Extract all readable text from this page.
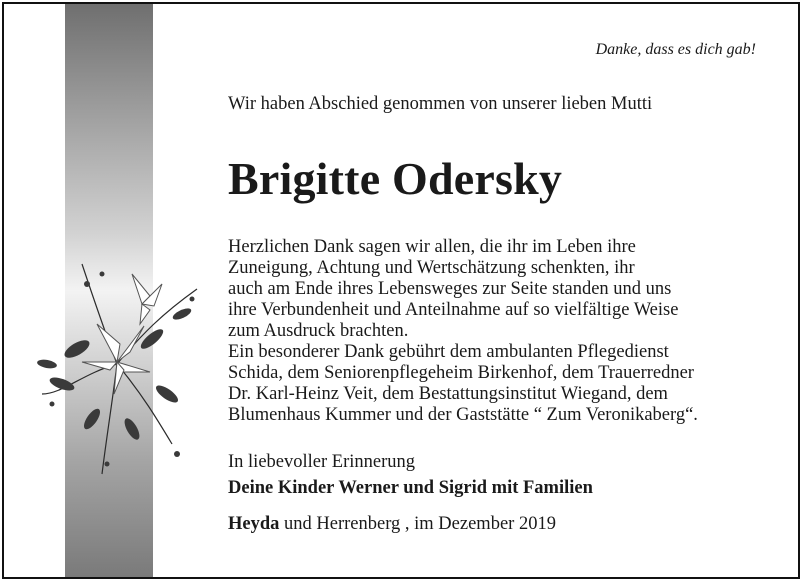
Danke, dass es dich gab!
Wir haben Abschied genommen von unserer lieben Mutti
Brigitte Odersky
Herzlichen Dank sagen wir allen, die ihr im Leben ihre
Zuneigung, Achtung und Wertschätzung schenkten, ihr
auch am Ende ihres Lebensweges zur Seite standen und uns
ihre Verbundenheit und Anteilnahme auf so vielfältige Weise
zum Ausdruck brachten.
Ein besonderer Dank gebührt dem ambulanten Pflegedienst
Schida, dem Seniorenpflegeheim Birkenhof, dem Trauerredner
Dr. Karl-Heinz Veit, dem Bestattungsinstitut Wiegand, dem
Blumenhaus Kummer und der Gaststätte “ Zum Veronikaberg“.
In liebevoller Erinnerung
Deine Kinder Werner und Sigrid mit Familien
Heyda und Herrenberg , im Dezember 2019
